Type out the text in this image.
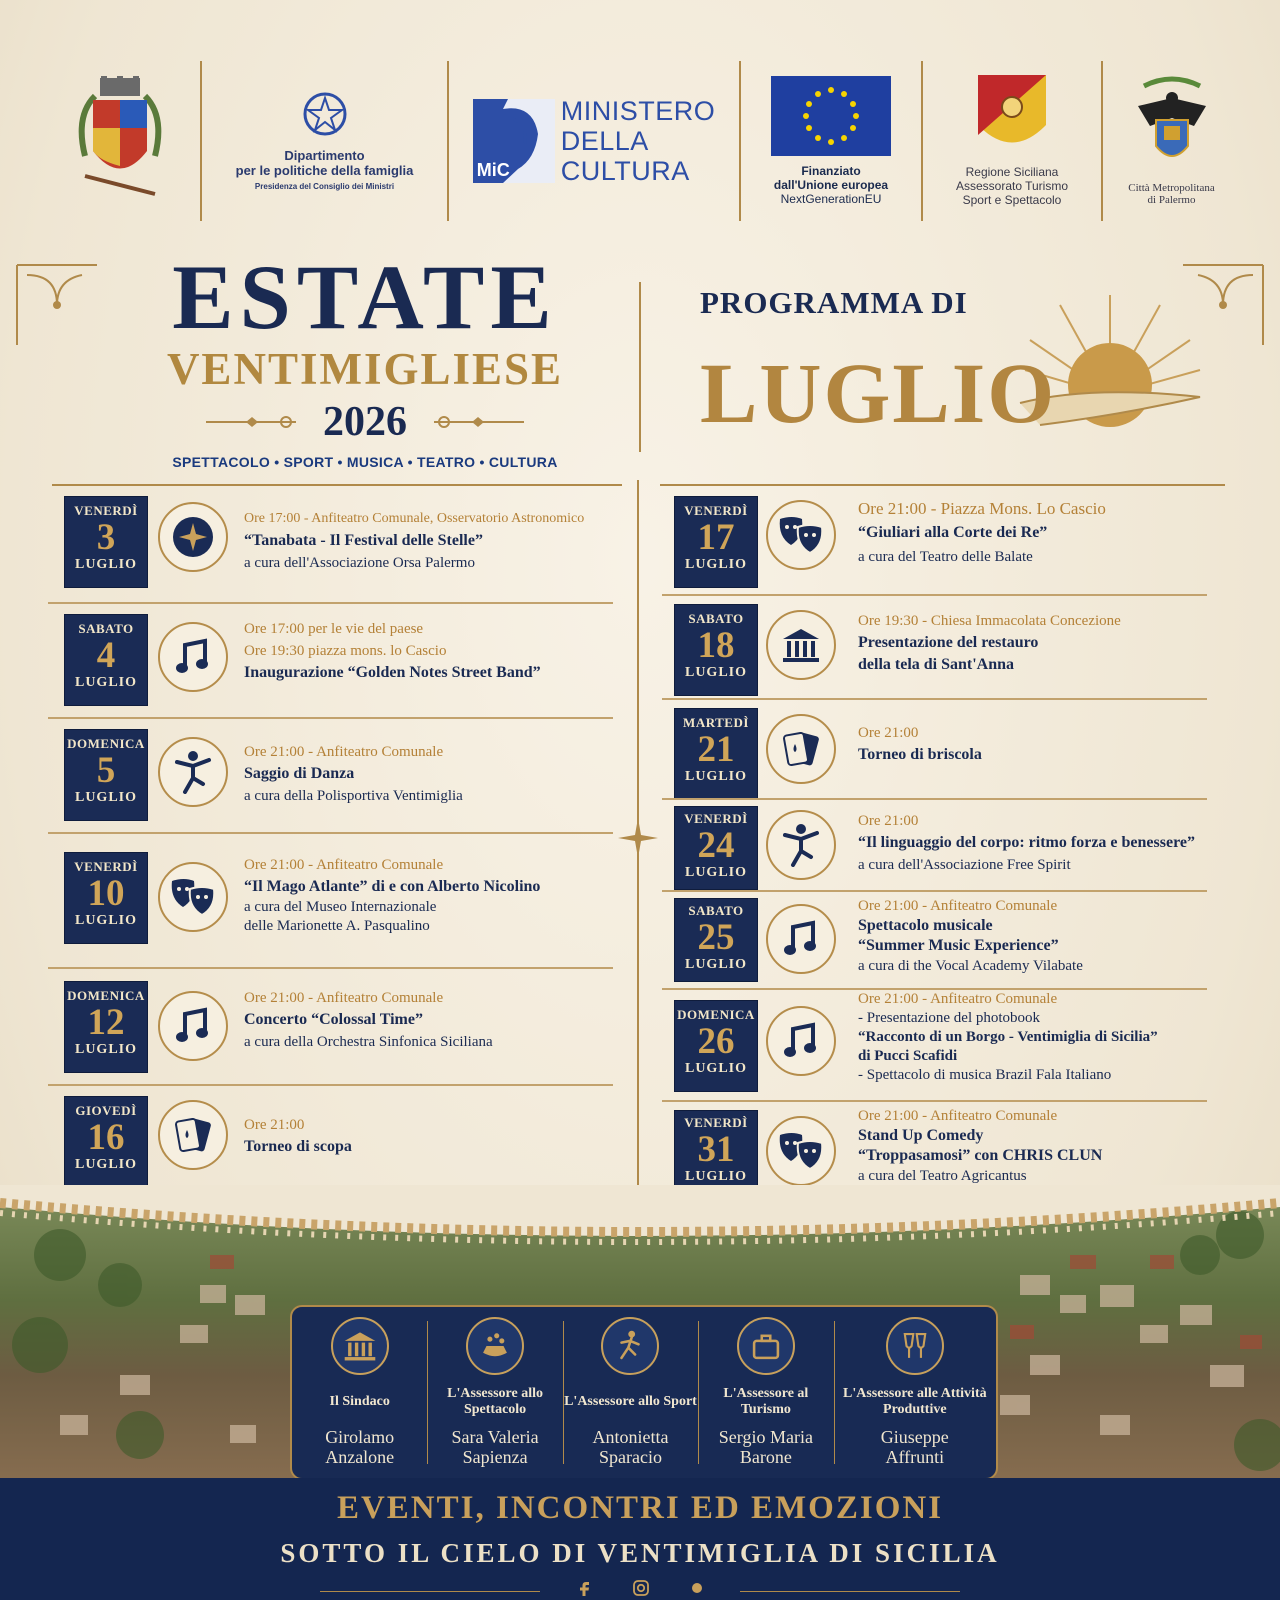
Dipartimento
per le politiche della famiglia
Presidenza del Consiglio dei Ministri
MiC
MINISTERO
DELLA
CULTURA	Finanziato
dall'Unione europea
NextGenerationEU
Regione Siciliana
Assessorato Turismo
Sport e Spettacolo
Città Metropolitana
di Palermo
ESTATE
VENTIMIGLIESE
2026
SPETTACOLO • SPORT • MUSICA • TEATRO • CULTURA
PROGRAMMA DI
LUGLIO
VENERDÌ
3
LUGLIO
Ore 17:00 - Anfiteatro Comunale, Osservatorio Astronomico
“Tanabata - Il Festival delle Stelle”
a cura dell'Associazione Orsa Palermo
SABATO
4
LUGLIO
Ore 17:00 per le vie del paese
Ore 19:30 piazza mons. lo Cascio
Inaugurazione “Golden Notes Street Band”
DOMENICA
5
LUGLIO
Ore 21:00 - Anfiteatro Comunale
Saggio di Danza
a cura della Polisportiva Ventimiglia
VENERDÌ
10
LUGLIO
Ore 21:00 - Anfiteatro Comunale
“Il Mago Atlante” di e con Alberto Nicolino
a cura del Museo Internazionale
delle Marionette A. Pasqualino
DOMENICA
12
LUGLIO
Ore 21:00 - Anfiteatro Comunale
Concerto “Colossal Time”
a cura della Orchestra Sinfonica Siciliana
GIOVEDÌ
16
LUGLIO
Ore 21:00
Torneo di scopa
VENERDÌ
17
LUGLIO
Ore 21:00 - Piazza Mons. Lo Cascio
“Giuliari alla Corte dei Re”
a cura del Teatro delle Balate
SABATO
18
LUGLIO
Ore 19:30 - Chiesa Immacolata Concezione
Presentazione del restauro
della tela di Sant'Anna
MARTEDÌ
21
LUGLIO
Ore 21:00
Torneo di briscola
VENERDÌ
24
LUGLIO
Ore 21:00
“Il linguaggio del corpo: ritmo forza e benessere”
a cura dell'Associazione Free Spirit
SABATO
25
LUGLIO
Ore 21:00 - Anfiteatro Comunale
Spettacolo musicale
“Summer Music Experience”
a cura di the Vocal Academy Vilabate
DOMENICA
26
LUGLIO
Ore 21:00 - Anfiteatro Comunale
- Presentazione del photobook
“Racconto di un Borgo - Ventimiglia di Sicilia”
di Pucci Scafidi
- Spettacolo di musica Brazil Fala Italiano
VENERDÌ
31
LUGLIO
Ore 21:00 - Anfiteatro Comunale
Stand Up Comedy
“Troppasamosi” con CHRIS CLUN
a cura del Teatro Agricantus
Il Sindaco
Girolamo
Anzalone
L'Assessore allo Spettacolo
Sara Valeria
Sapienza
L'Assessore allo Sport
Antonietta
Sparacio
L'Assessore al Turismo
Sergio Maria
Barone
L'Assessore alle Attività Produttive
Giuseppe
Affrunti
EVENTI, INCONTRI ED EMOZIONI
SOTTO IL CIELO DI VENTIMIGLIA DI SICILIA
